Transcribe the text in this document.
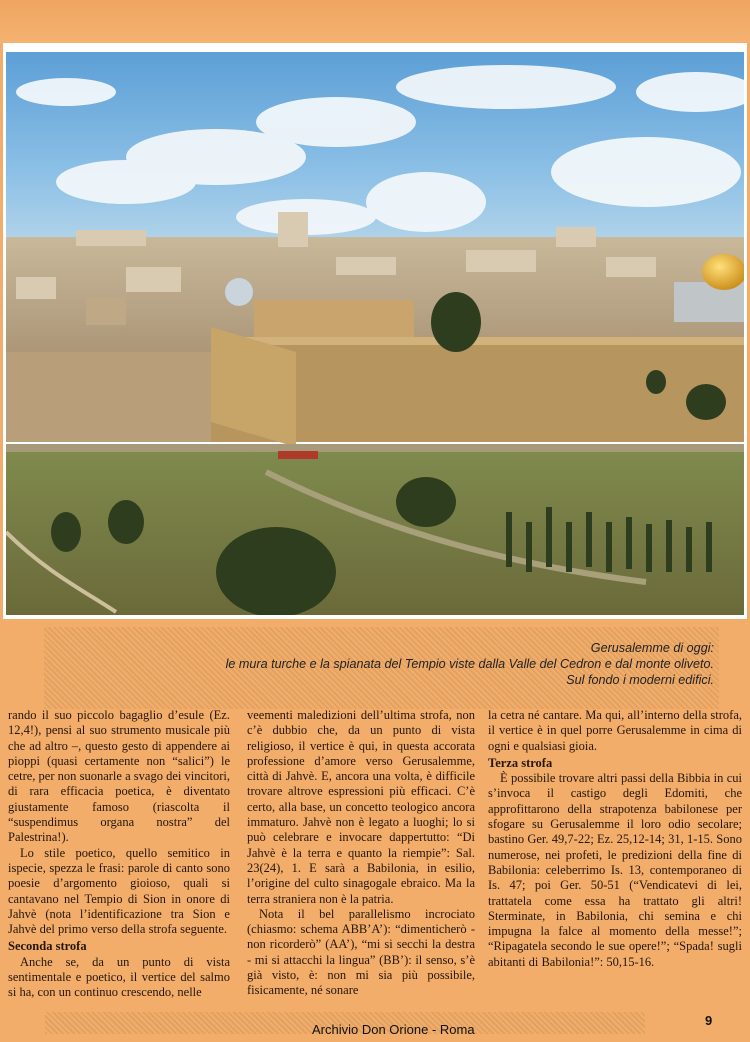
Gerusalemme di oggi:
le mura turche e la spianata del Tempio viste dalla Valle del Cedron e dal monte oliveto.
Sul fondo i moderni edifici.

rando il suo piccolo bagaglio d’esule (Ez. 12,4!), pensi al suo strumento musicale più che ad altro –, questo gesto di appendere ai pioppi (quasi certamente non “salici”) le cetre, per non suonarle a svago dei vincitori, di rara efficacia poetica, è diventato giustamente famoso (riascolta il “suspendimus organa nostra” del Palestrina!).

Lo stile poetico, quello semitico in ispecie, spezza le frasi: parole di canto sono poesie d’argomento gioioso, quali si cantavano nel Tempio di Sion in onore di Jahvè (nota l’identificazione tra Sion e Jahvè del primo verso della strofa seguente.

Seconda strofa

Anche se, da un punto di vista sentimentale e poetico, il vertice del salmo si ha, con un continuo crescendo, nelle

veementi maledizioni dell’ultima strofa, non c’è dubbio che, da un punto di vista religioso, il vertice è qui, in questa accorata professione d’amore verso Gerusalemme, città di Jahvè. E, ancora una volta, è difficile trovare altrove espressioni più efficaci. C’è certo, alla base, un concetto teologico ancora immaturo. Jahvè non è legato a luoghi; lo si può celebrare e invocare dappertutto: “Di Jahvè è la terra e quanto la riempie”: Sal. 23(24), 1. E sarà a Babilonia, in esilio, l’origine del culto sinagogale ebraico. Ma la terra straniera non è la patria.

Nota il bel parallelismo incrociato (chiasmo: schema ABB’A’): “dimenticherò - non ricorderò” (AA’), “mi si secchi la destra - mi si attacchi la lingua” (BB’): il senso, s’è già visto, è: non mi sia più possibile, fisicamente, né sonare

la cetra né cantare. Ma qui, all’interno della strofa, il vertice è in quel porre Gerusalemme in cima di ogni e qualsiasi gioia.

Terza strofa

È possibile trovare altri passi della Bibbia in cui s’invoca il castigo degli Edomiti, che approfittarono della strapotenza babilonese per sfogare su Gerusalemme il loro odio secolare; bastino Ger. 49,7-22; Ez. 25,12-14; 31, 1-15. Sono numerose, nei profeti, le predizioni della fine di Babilonia: celeberrimo Is. 13, contemporaneo di Is. 47; poi Ger. 50-51 (“Vendicatevi di lei, trattatela come essa ha trattato gli altri! Sterminate, in Babilonia, chi semina e chi impugna la falce al momento della messe!”; “Ripagatela secondo le sue opere!”; “Spada! sugli abitanti di Babilonia!”: 50,15-16.

Archivio Don Orione - Roma
9
